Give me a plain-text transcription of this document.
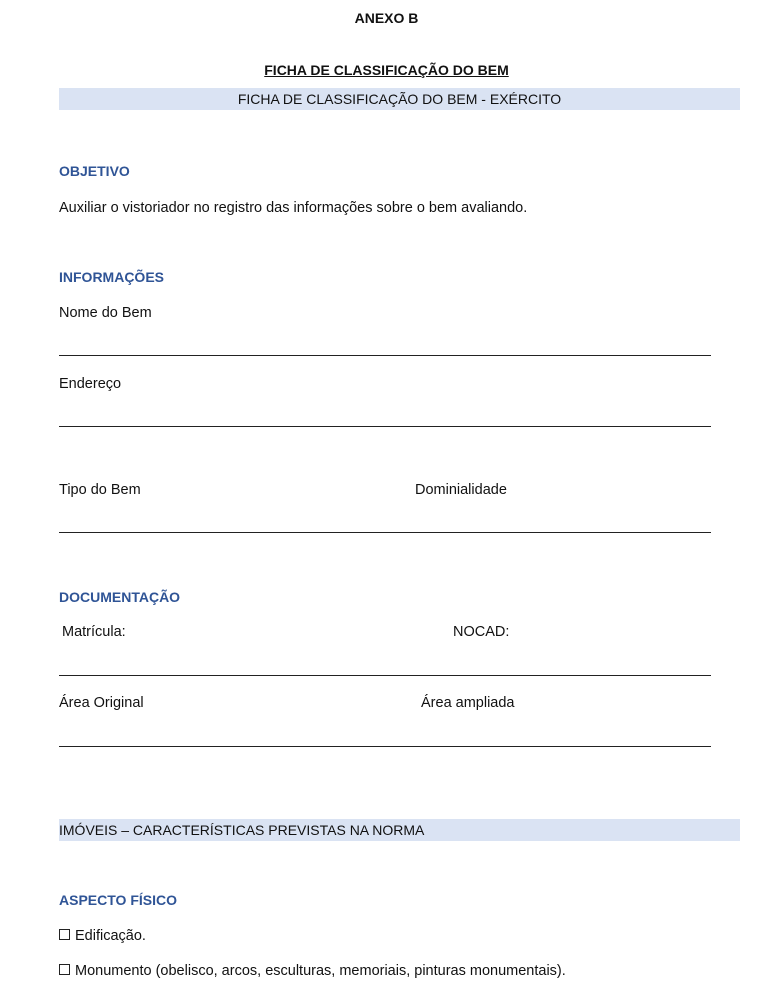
ANEXO B
FICHA DE CLASSIFICAÇÃO DO BEM
FICHA DE CLASSIFICAÇÃO DO BEM - EXÉRCITO
OBJETIVO
Auxiliar o vistoriador no registro das informações sobre o bem avaliando.
INFORMAÇÕES
Nome do Bem
Endereço
Tipo do Bem	Dominialidade
DOCUMENTAÇÃO
Matrícula:	NOCAD:
Área Original	Área ampliada
IMÓVEIS – CARACTERÍSTICAS PREVISTAS NA NORMA
ASPECTO FÍSICO
Edificação.
Monumento (obelisco, arcos, esculturas, memoriais, pinturas monumentais).
